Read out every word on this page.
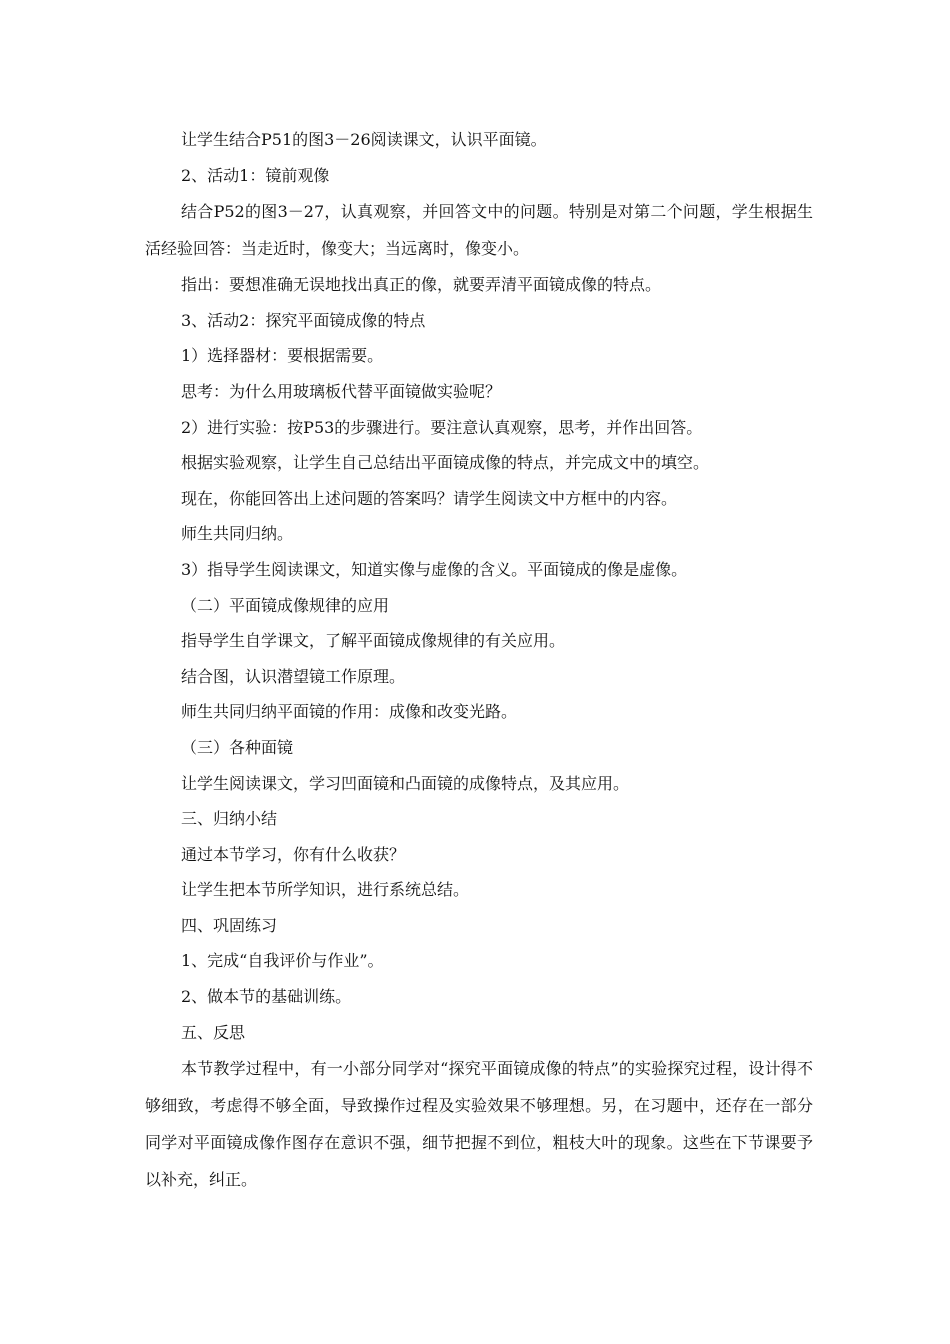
让学生结合P51的图3－26阅读课文，认识平面镜。

2、活动1：镜前观像

结合P52的图3－27，认真观察，并回答文中的问题。特别是对第二个问题，学生根据生活经验回答：当走近时，像变大；当远离时，像变小。

指出：要想准确无误地找出真正的像，就要弄清平面镜成像的特点。

3、活动2：探究平面镜成像的特点

1）选择器材：要根据需要。

思考：为什么用玻璃板代替平面镜做实验呢？

2）进行实验：按P53的步骤进行。要注意认真观察，思考，并作出回答。

根据实验观察，让学生自己总结出平面镜成像的特点，并完成文中的填空。

现在，你能回答出上述问题的答案吗？请学生阅读文中方框中的内容。

师生共同归纳。

3）指导学生阅读课文，知道实像与虚像的含义。平面镜成的像是虚像。

（二）平面镜成像规律的应用

指导学生自学课文，了解平面镜成像规律的有关应用。

结合图，认识潜望镜工作原理。

师生共同归纳平面镜的作用：成像和改变光路。

（三）各种面镜

让学生阅读课文，学习凹面镜和凸面镜的成像特点，及其应用。

三、归纳小结

通过本节学习，你有什么收获？

让学生把本节所学知识，进行系统总结。

四、巩固练习

1、完成“自我评价与作业”。

2、做本节的基础训练。

五、反思

本节教学过程中，有一小部分同学对“探究平面镜成像的特点”的实验探究过程，设计得不够细致，考虑得不够全面，导致操作过程及实验效果不够理想。另，在习题中，还存在一部分同学对平面镜成像作图存在意识不强，细节把握不到位，粗枝大叶的现象。这些在下节课要予以补充，纠正。
